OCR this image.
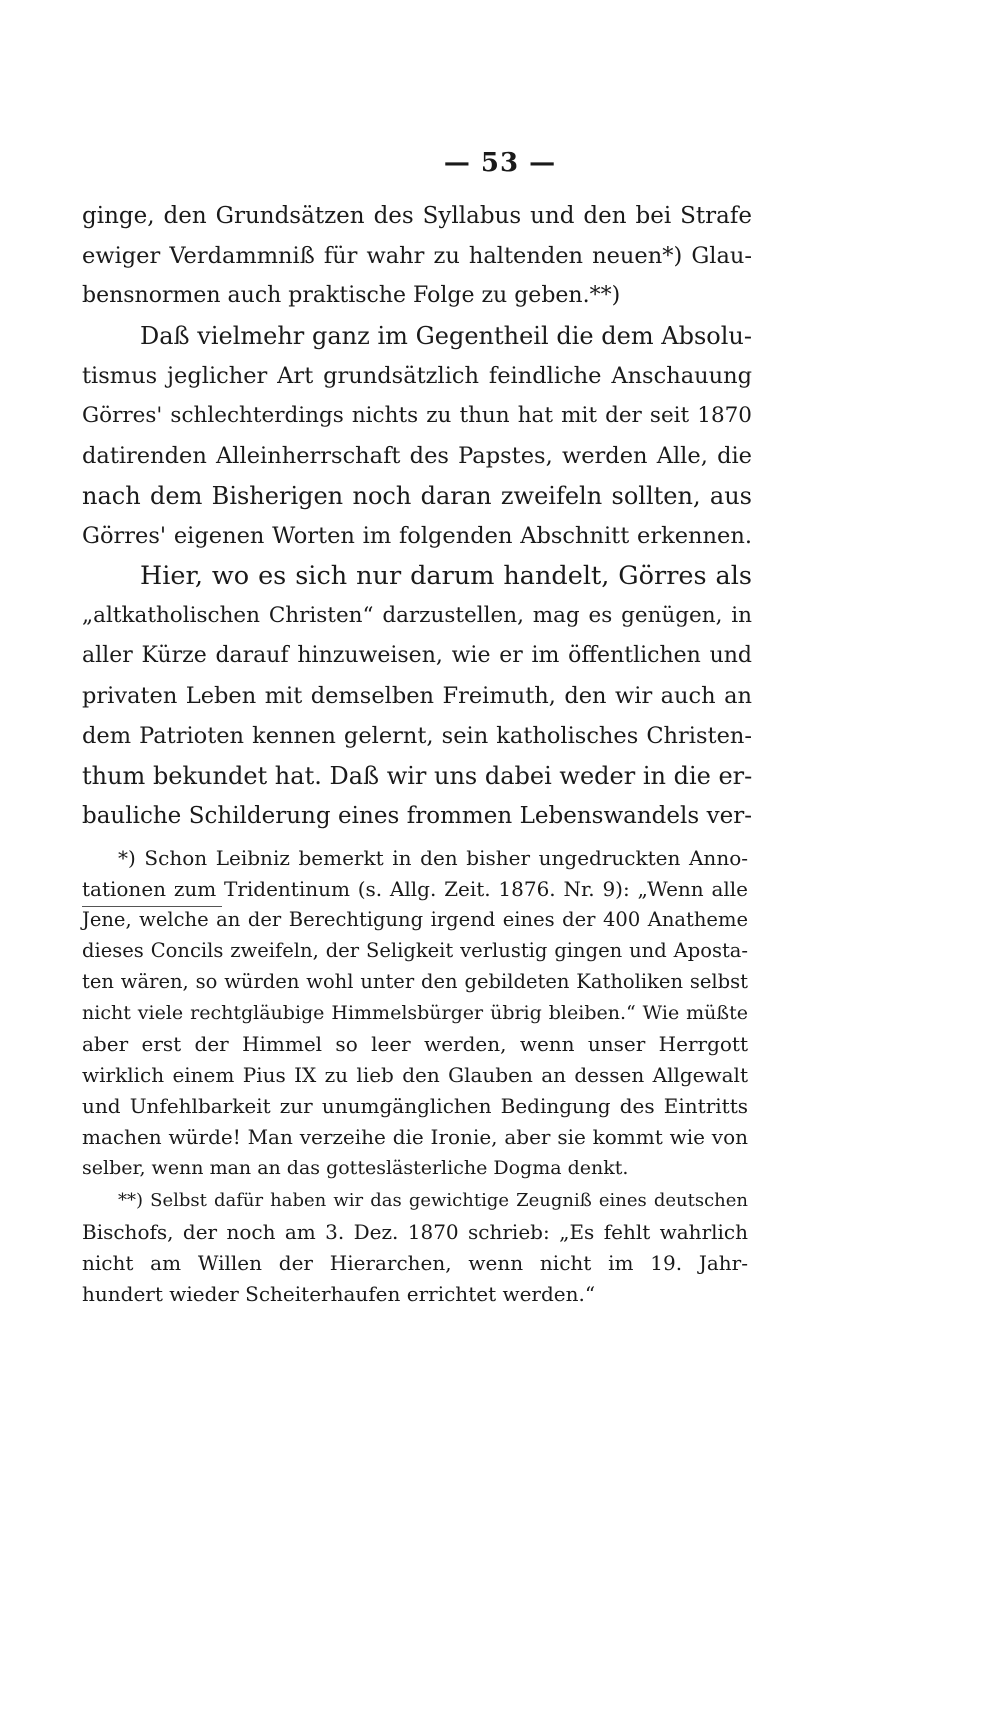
— 53 —
ginge, den Grundsätzen des Syllabus und den bei Strafe
ewiger Verdammniß für wahr zu haltenden neuen*) Glau-
bensnormen auch praktische Folge zu geben.**)
Daß vielmehr ganz im Gegentheil die dem Absolu-
tismus jeglicher Art grundsätzlich feindliche Anschauung
Görres' schlechterdings nichts zu thun hat mit der seit 1870
datirenden Alleinherrschaft des Papstes, werden Alle, die
nach dem Bisherigen noch daran zweifeln sollten, aus
Görres' eigenen Worten im folgenden Abschnitt erkennen.
Hier, wo es sich nur darum handelt, Görres als
„altkatholischen Christen“ darzustellen, mag es genügen, in
aller Kürze darauf hinzuweisen, wie er im öffentlichen und
privaten Leben mit demselben Freimuth, den wir auch an
dem Patrioten kennen gelernt, sein katholisches Christen-
thum bekundet hat. Daß wir uns dabei weder in die er-
bauliche Schilderung eines frommen Lebenswandels ver-
*) Schon Leibniz bemerkt in den bisher ungedruckten Anno-
tationen zum Tridentinum (s. Allg. Zeit. 1876. Nr. 9): „Wenn alle
Jene, welche an der Berechtigung irgend eines der 400 Anatheme
dieses Concils zweifeln, der Seligkeit verlustig gingen und Aposta-
ten wären, so würden wohl unter den gebildeten Katholiken selbst
nicht viele rechtgläubige Himmelsbürger übrig bleiben.“ Wie müßte
aber erst der Himmel so leer werden, wenn unser Herrgott
wirklich einem Pius IX zu lieb den Glauben an dessen Allgewalt
und Unfehlbarkeit zur unumgänglichen Bedingung des Eintritts
machen würde! Man verzeihe die Ironie, aber sie kommt wie von
selber, wenn man an das gotteslästerliche Dogma denkt.
**) Selbst dafür haben wir das gewichtige Zeugniß eines deutschen
Bischofs, der noch am 3. Dez. 1870 schrieb: „Es fehlt wahrlich
nicht am Willen der Hierarchen, wenn nicht im 19. Jahr-
hundert wieder Scheiterhaufen errichtet werden.“
